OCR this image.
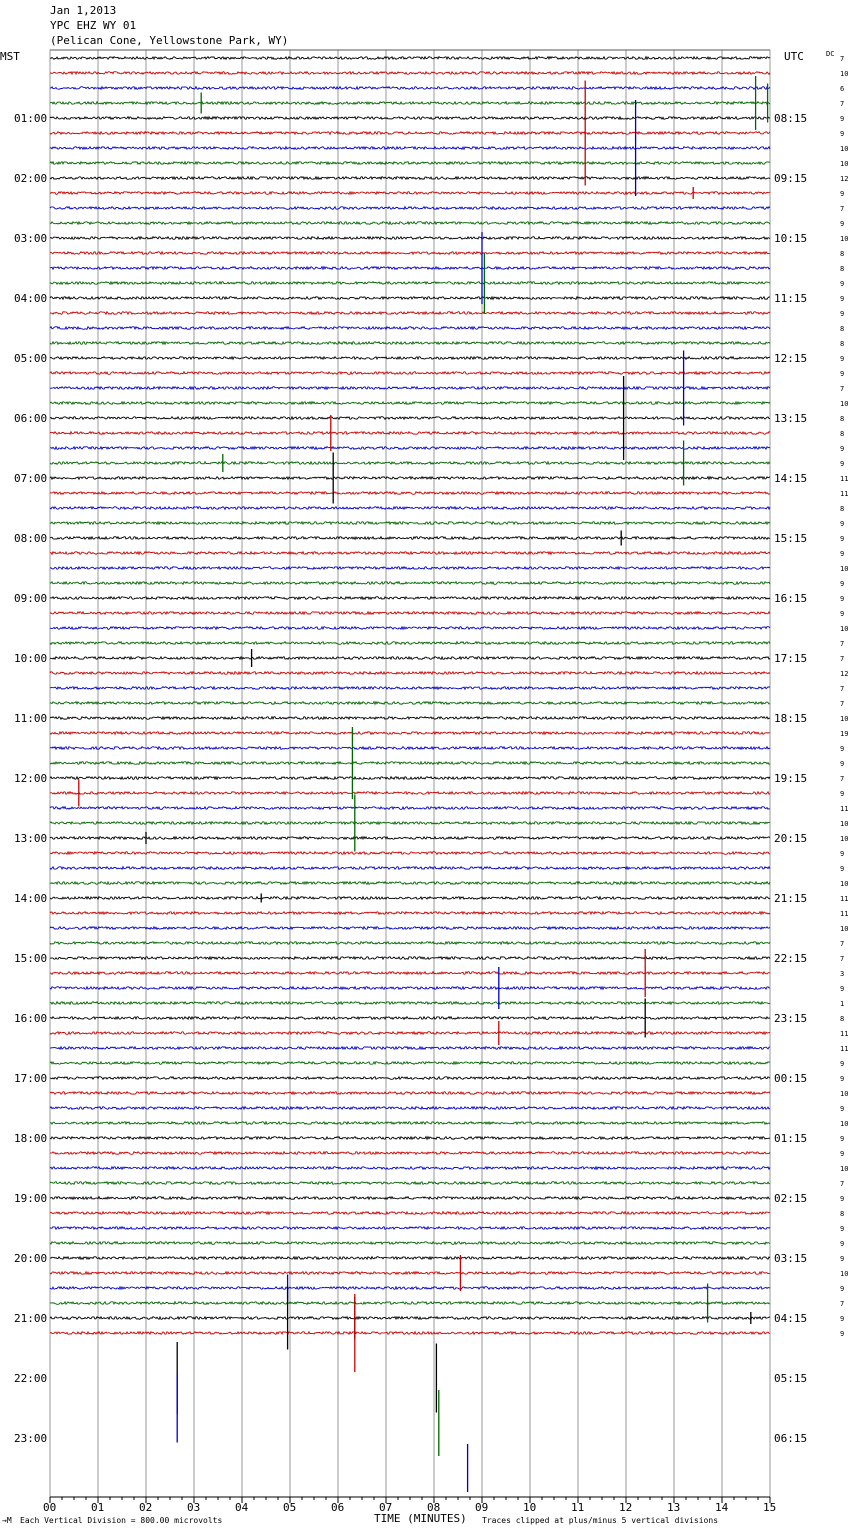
Jan 1,2013
YPC EHZ WY 01
(Pelican Cone, Yellowstone Park, WY)
01:00
02:00
03:00
04:00
05:00
06:00
07:00
08:00
09:00
10:00
11:00
12:00
13:00
14:00
15:00
16:00
17:00
18:00
19:00
20:00
21:00
22:00
23:00
08:15
09:15
10:15
11:15
12:15
13:15
14:15
15:15
16:15
17:15
18:15
19:15
20:15
21:15
22:15
23:15
00:15
01:15
02:15
03:15
04:15
05:15
06:15
7
10
6
7
9
9
10
10
12
9
7
9
10
8
8
9
9
9
8
8
9
9
7
10
8
8
9
9
11
11
8
9
9
9
10
9
9
9
10
7
7
12
7
7
10
19
9
9
7
9
11
10
10
9
9
10
11
11
10
7
7
3
9
1
8
11
11
9
9
10
9
10
9
9
10
7
9
8
9
9
9
10
9
7
9
9
00	01	02	03	04	05	06	07	08	09	10	11	12	13	14	15
MST	UTC	DC
TIME (MINUTES)
→M Each Vertical Division = 800.00 microvolts	Traces clipped at plus/minus 5 vertical divisions
